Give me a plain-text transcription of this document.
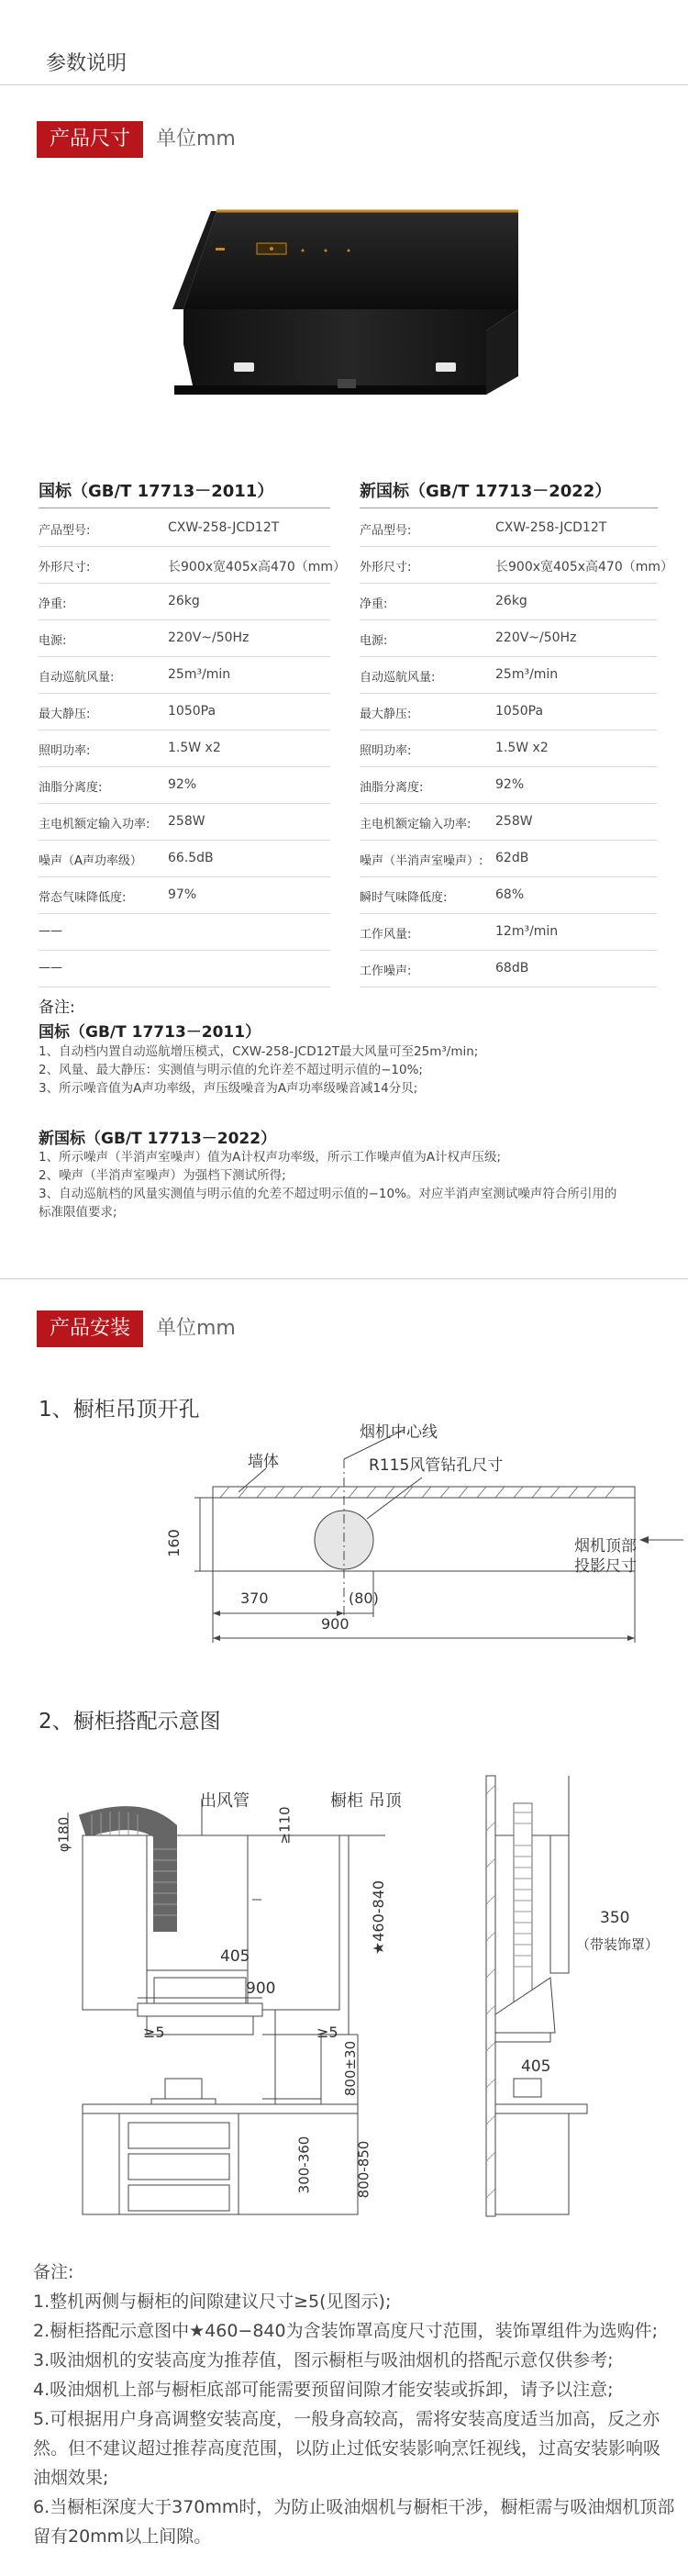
参数说明
产品尺寸	单位mm
国标（GB/T 17713－2011）	新国标（GB/T 17713－2022）
产品型号:	CXW-258-JCD12T	产品型号:	CXW-258-JCD12T
外形尺寸:	长900x宽405x高470（mm） 外形尺寸:	长900x宽405x高470（mm）
净重:	26kg	净重:	26kg
电源:	220V~/50Hz	电源:	220V~/50Hz
自动巡航风量:	25m³/min	自动巡航风量:	25m³/min
最大静压:	1050Pa	最大静压:	1050Pa
照明功率:	1.5W x2	照明功率:	1.5W x2
油脂分离度:	92%	油脂分离度:	92%
主电机额定输入功率: 258W	主电机额定输入功率: 258W
噪声（A声功率级） 66.5dB	噪声（半消声室噪声）: 62dB
常态气味降低度:	97%	瞬时气味降低度:	68%
——	工作风量:	12m³/min
——	工作噪声:	68dB
备注:
国标（GB/T 17713－2011）
1、自动档内置自动巡航增压模式，CXW-258-JCD12T最大风量可至25m³/min;
2、风量、最大静压：实测值与明示值的允许差不超过明示值的−10%;
3、所示噪音值为A声功率级，声压级噪音为A声功率级噪音减14分贝;
新国标（GB/T 17713－2022）
1、所示噪声（半消声室噪声）值为A计权声功率级，所示工作噪声值为A计权声压级;
2、噪声（半消声室噪声）为强档下测试所得;
3、自动巡航档的风量实测值与明示值的允差不超过明示值的−10%。对应半消声室测试噪声符合所引用的
标准限值要求;
产品安装	单位mm
1、橱柜吊顶开孔
墙体
烟机中心线
R115风管钻孔尺寸
烟机顶部
投影尺寸
160
370	(80)
900
2、橱柜搭配示意图
出风管	橱柜 吊顶
φ180	≥110
405
900
≥5	≥5
★460-840
800±30
300-360	800-850
350
（带装饰罩）
405
备注:
1.整机两侧与橱柜的间隙建议尺寸≥5(见图示);
2.橱柜搭配示意图中★460−840为含装饰罩高度尺寸范围，装饰罩组件为选购件;
3.吸油烟机的安装高度为推荐值，图示橱柜与吸油烟机的搭配示意仅供参考;
4.吸油烟机上部与橱柜底部可能需要预留间隙才能安装或拆卸，请予以注意;
5.可根据用户身高调整安装高度，一般身高较高，需将安装高度适当加高，反之亦
然。但不建议超过推荐高度范围，以防止过低安装影响烹饪视线，过高安装影响吸
油烟效果;
6.当橱柜深度大于370mm时，为防止吸油烟机与橱柜干涉，橱柜需与吸油烟机顶部
留有20mm以上间隙。
